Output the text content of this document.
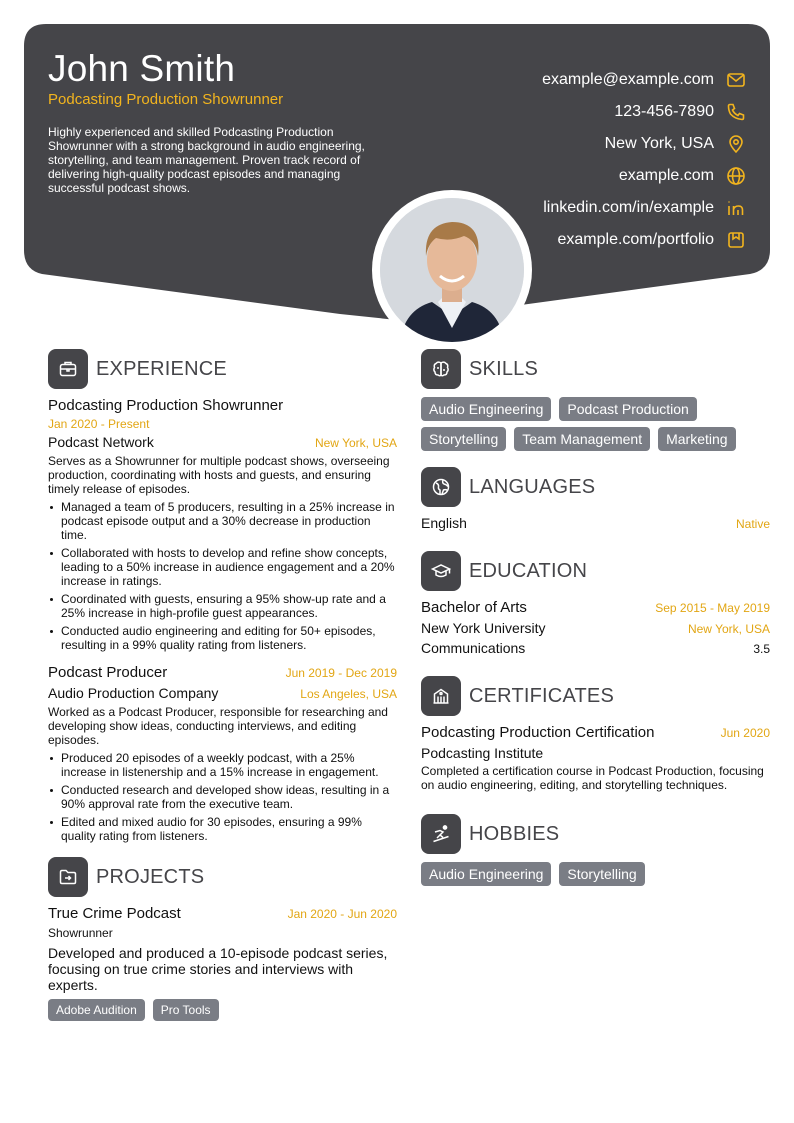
John Smith
Podcasting Production Showrunner
Highly experienced and skilled Podcasting Production Showrunner with a strong background in audio engineering, storytelling, and team management. Proven track record of delivering high-quality podcast episodes and managing successful podcast shows.
example@example.com
123-456-7890
New York, USA
example.com
linkedin.com/in/example
example.com/portfolio
EXPERIENCE
Podcasting Production Showrunner
Jan 2020 - Present
Podcast Network	New York, USA
Serves as a Showrunner for multiple podcast shows, overseeing production, coordinating with hosts and guests, and ensuring timely release of episodes.
Managed a team of 5 producers, resulting in a 25% increase in podcast episode output and a 30% decrease in production time.
Collaborated with hosts to develop and refine show concepts, leading to a 50% increase in audience engagement and a 20% increase in ratings.
Coordinated with guests, ensuring a 95% show-up rate and a 25% increase in high-profile guest appearances.
Conducted audio engineering and editing for 50+ episodes, resulting in a 99% quality rating from listeners.
Podcast Producer	Jun 2019 - Dec 2019
Audio Production Company	Los Angeles, USA
Worked as a Podcast Producer, responsible for researching and developing show ideas, conducting interviews, and editing episodes.
Produced 20 episodes of a weekly podcast, with a 25% increase in listenership and a 15% increase in engagement.
Conducted research and developed show ideas, resulting in a 90% approval rate from the executive team.
Edited and mixed audio for 30 episodes, ensuring a 99% quality rating from listeners.
PROJECTS
True Crime Podcast	Jan 2020 - Jun 2020
Showrunner
Developed and produced a 10-episode podcast series, focusing on true crime stories and interviews with experts.
Adobe Audition	Pro Tools
SKILLS
Audio Engineering	Podcast Production
Storytelling	Team Management	Marketing
LANGUAGES
English	Native
EDUCATION
Bachelor of Arts	Sep 2015 - May 2019
New York University	New York, USA
Communications	3.5
CERTIFICATES
Podcasting Production Certification	Jun 2020
Podcasting Institute
Completed a certification course in Podcast Production, focusing on audio engineering, editing, and storytelling techniques.
HOBBIES
Audio Engineering	Storytelling
